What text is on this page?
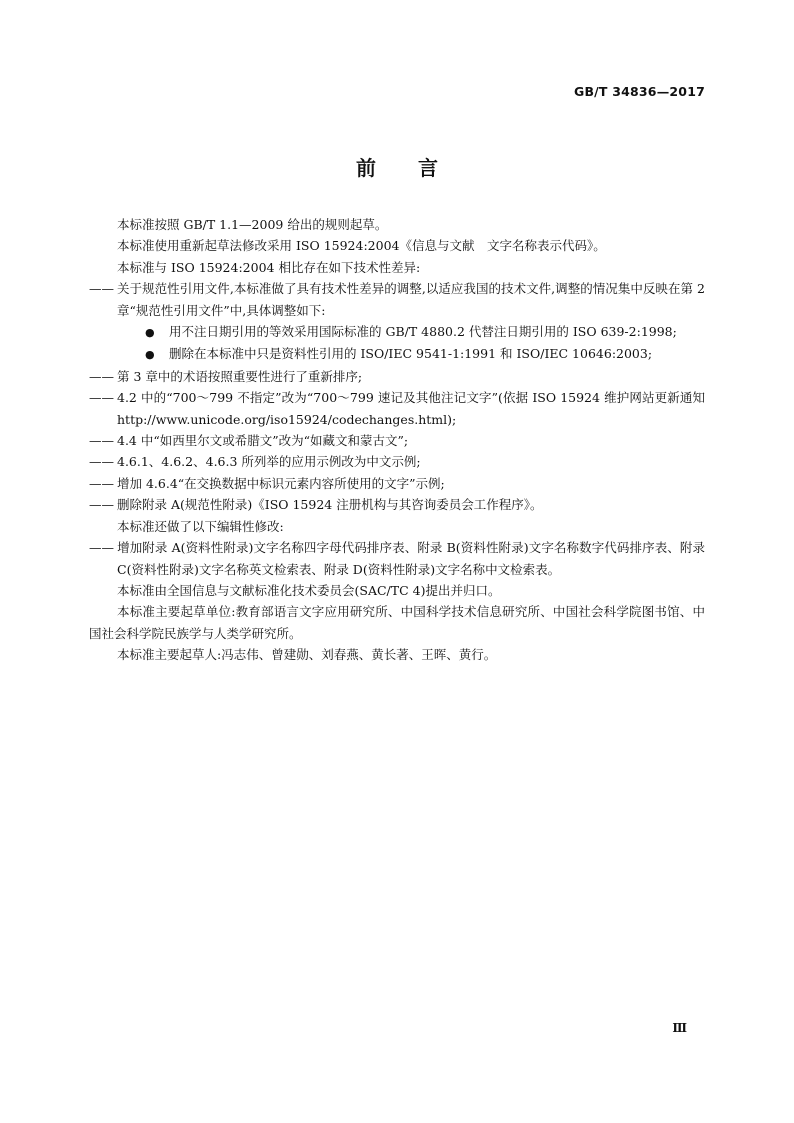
GB/T 34836—2017
前言

本标准按照 GB/T 1.1—2009 给出的规则起草。

本标准使用重新起草法修改采用 ISO 15924:2004《信息与文献　文字名称表示代码》。

本标准与 ISO 15924:2004 相比存在如下技术性差异:

—— 关于规范性引用文件,本标准做了具有技术性差异的调整,以适应我国的技术文件,调整的情况集中反映在第 2 章“规范性引用文件”中,具体调整如下:

● 用不注日期引用的等效采用国际标准的 GB/T 4880.2 代替注日期引用的 ISO 639-2:1998;

● 删除在本标准中只是资料性引用的 ISO/IEC 9541-1:1991 和 ISO/IEC 10646:2003;

—— 第 3 章中的术语按照重要性进行了重新排序;

—— 4.2 中的“700～799 不指定”改为“700～799 速记及其他注记文字”(依据 ISO 15924 维护网站更新通知 http://www.unicode.org/iso15924/codechanges.html);

—— 4.4 中“如西里尔文或希腊文”改为“如藏文和蒙古文”;

—— 4.6.1、4.6.2、4.6.3 所列举的应用示例改为中文示例;

—— 增加 4.6.4“在交换数据中标识元素内容所使用的文字”示例;

—— 删除附录 A(规范性附录)《ISO 15924 注册机构与其咨询委员会工作程序》。

本标准还做了以下编辑性修改:

—— 增加附录 A(资料性附录)文字名称四字母代码排序表、附录 B(资料性附录)文字名称数字代码排序表、附录 C(资料性附录)文字名称英文检索表、附录 D(资料性附录)文字名称中文检索表。

本标准由全国信息与文献标准化技术委员会(SAC/TC 4)提出并归口。

本标准主要起草单位:教育部语言文字应用研究所、中国科学技术信息研究所、中国社会科学院图书馆、中国社会科学院民族学与人类学研究所。

本标准主要起草人:冯志伟、曾建勋、刘春燕、黄长著、王晖、黄行。

Ⅲ
